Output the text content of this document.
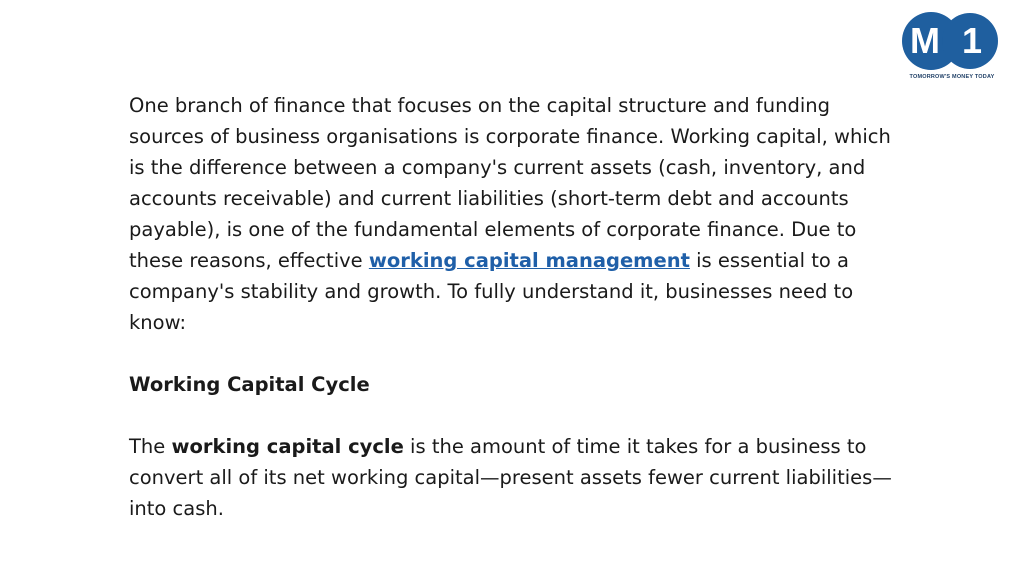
M 1
TOMORROW'S MONEY TODAY

One branch of finance that focuses on the capital structure and funding sources of business organisations is corporate finance. Working capital, which is the difference between a company's current assets (cash, inventory, and accounts receivable) and current liabilities (short-term debt and accounts payable), is one of the fundamental elements of corporate finance. Due to these reasons, effective working capital management is essential to a company's stability and growth. To fully understand it, businesses need to know:

Working Capital Cycle

The working capital cycle is the amount of time it takes for a business to convert all of its net working capital—present assets fewer current liabilities—into cash.
